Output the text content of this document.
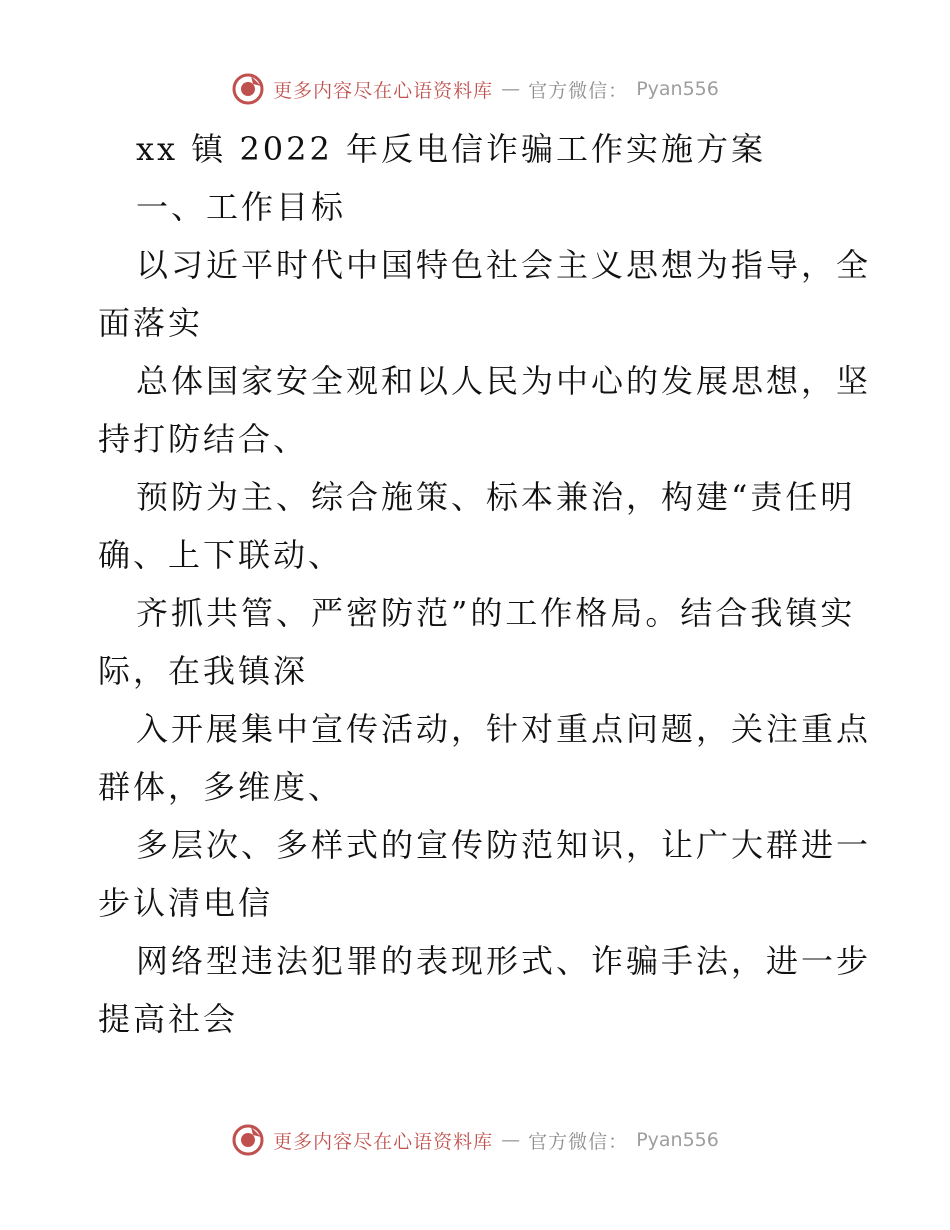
更多内容尽在心语资料库 — 官方微信： Pyan556
xx 镇 2022 年反电信诈骗工作实施方案
一、工作目标
以习近平时代中国特色社会主义思想为指导，全
面落实
总体国家安全观和以人民为中心的发展思想，坚
持打防结合、
预防为主、综合施策、标本兼治，构建“责任明
确、上下联动、
齐抓共管、严密防范”的工作格局。结合我镇实
际，在我镇深
入开展集中宣传活动，针对重点问题，关注重点
群体，多维度、
多层次、多样式的宣传防范知识，让广大群进一
步认清电信
网络型违法犯罪的表现形式、诈骗手法，进一步
提高社会
更多内容尽在心语资料库 — 官方微信： Pyan556
